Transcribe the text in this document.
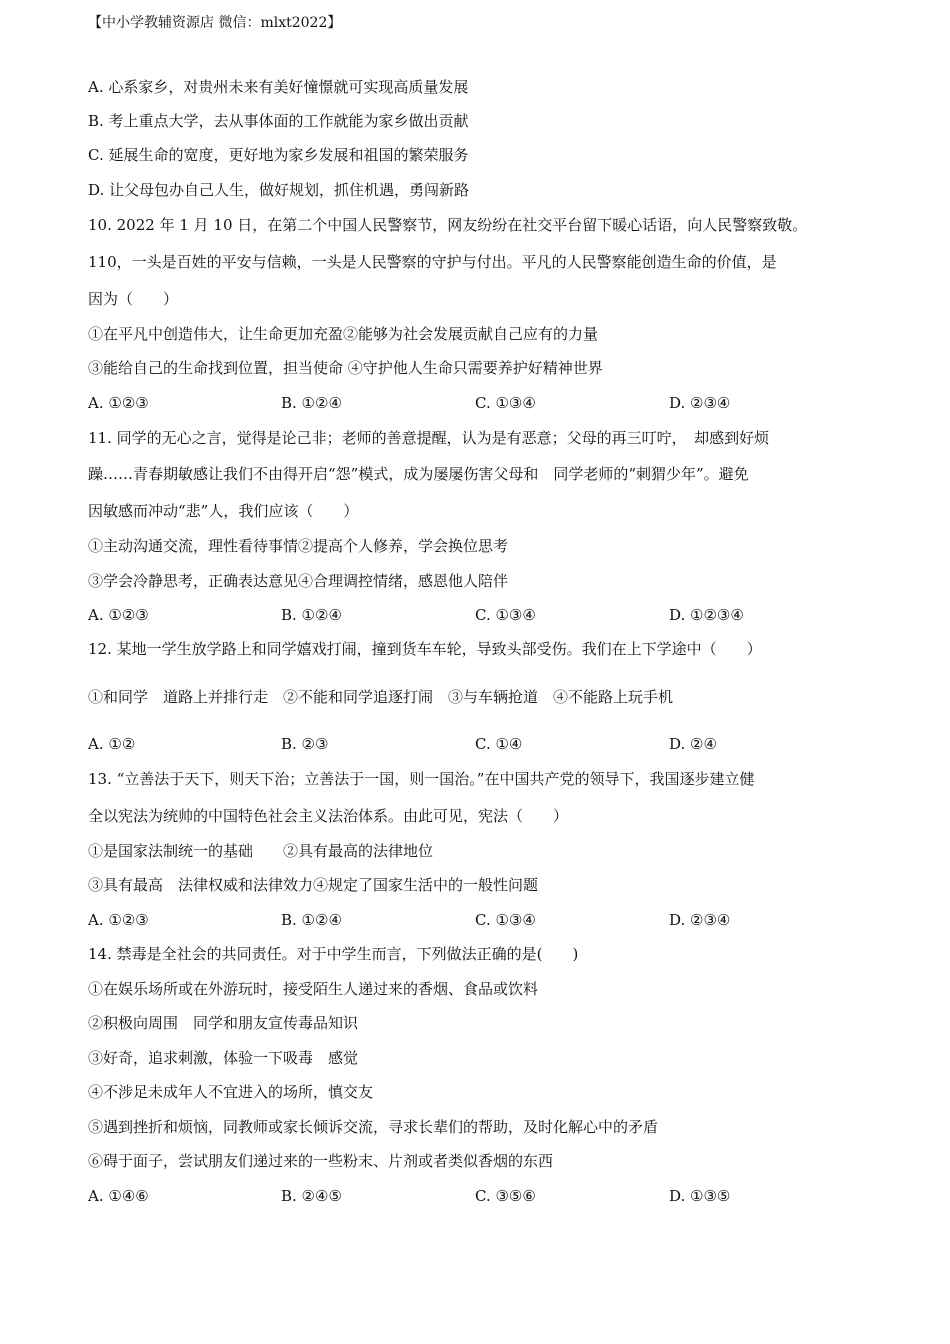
【中小学教辅资源店 微信：mlxt2022】
A. 心系家乡，对贵州未来有美好憧憬就可实现高质量发展
B. 考上重点大学，去从事体面的工作就能为家乡做出贡献
C. 延展生命的宽度，更好地为家乡发展和祖国的繁荣服务
D. 让父母包办自己人生，做好规划，抓住机遇，勇闯新路
10. 2022 年 1 月 10 日，在第二个中国人民警察节，网友纷纷在社交平台留下暖心话语，向人民警察致敬。
110，一头是百姓的平安与信赖，一头是人民警察的守护与付出。平凡的人民警察能创造生命的价值，是
因为（　　）
①在平凡中创造伟大，让生命更加充盈②能够为社会发展贡献自己应有的力量
③能给自己的生命找到位置，担当使命 ④守护他人生命只需要养护好精神世界
A. ①②③	B. ①②④	C. ①③④	D. ②③④
11. 同学的无心之言，觉得是论己非；老师的善意提醒，认为是有恶意；父母的再三叮咛，　却感到好烦
躁……青春期敏感让我们不由得开启“怨”模式，成为屡屡伤害父母和　同学老师的“刺猬少年”。避免
因敏感而冲动“悲”人，我们应该（　　）
①主动沟通交流，理性看待事情②提高个人修养，学会换位思考
③学会冷静思考，正确表达意见④合理调控情绪，感恩他人陪伴
A. ①②③	B. ①②④	C. ①③④	D. ①②③④
12. 某地一学生放学路上和同学嬉戏打闹，撞到货车车轮，导致头部受伤。我们在上下学途中（　　）
①和同学　道路上并排行走　②不能和同学追逐打闹　③与车辆抢道　④不能路上玩手机
A. ①②	B. ②③	C. ①④	D. ②④
13. “立善法于天下，则天下治；立善法于一国，则一国治。”在中国共产党的领导下，我国逐步建立健
全以宪法为统帅的中国特色社会主义法治体系。由此可见，宪法（　　）
①是国家法制统一的基础　　②具有最高的法律地位
③具有最高　法律权威和法律效力④规定了国家生活中的一般性问题
A. ①②③	B. ①②④	C. ①③④	D. ②③④
14. 禁毒是全社会的共同责任。对于中学生而言，下列做法正确的是(　　)
①在娱乐场所或在外游玩时，接受陌生人递过来的香烟、食品或饮料
②积极向周围　同学和朋友宣传毒品知识
③好奇，追求刺激，体验一下吸毒　感觉
④不涉足未成年人不宜进入的场所，慎交友
⑤遇到挫折和烦恼，同教师或家长倾诉交流，寻求长辈们的帮助，及时化解心中的矛盾
⑥碍于面子，尝试朋友们递过来的一些粉末、片剂或者类似香烟的东西
A. ①④⑥	B. ②④⑤	C. ③⑤⑥	D. ①③⑤
